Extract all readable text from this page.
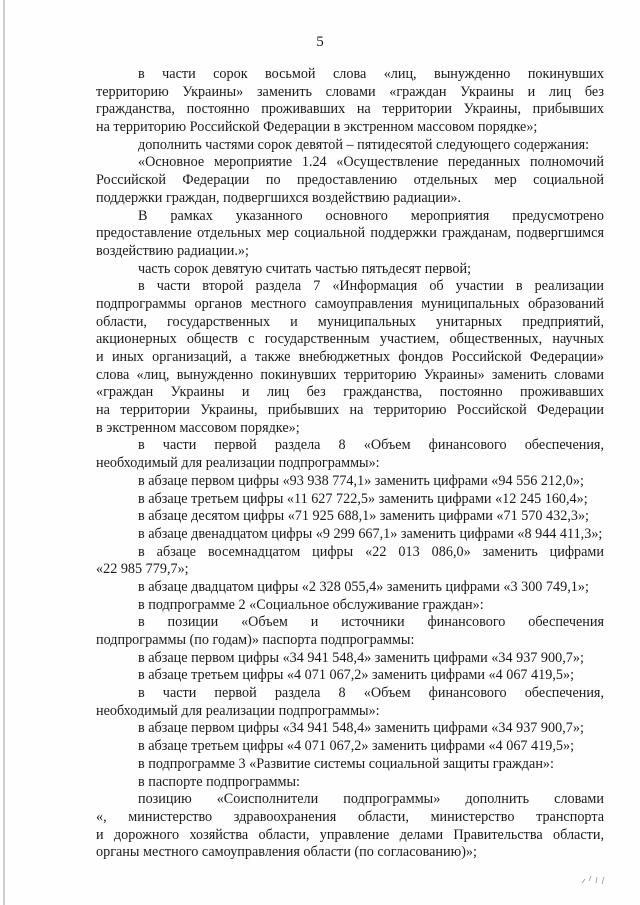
5
в части сорок восьмой слова «лиц, вынужденно покинувших
территорию Украины» заменить словами «граждан Украины и лиц без
гражданства, постоянно проживавших на территории Украины, прибывших
на территорию Российской Федерации в экстренном массовом порядке»;
дополнить частями сорок девятой – пятидесятой следующего содержания:
«Основное мероприятие 1.24 «Осуществление переданных полномочий
Российской Федерации по предоставлению отдельных мер социальной
поддержки граждан, подвергшихся воздействию радиации».
В рамках указанного основного мероприятия предусмотрено
предоставление отдельных мер социальной поддержки гражданам, подвергшимся
воздействию радиации.»;
часть сорок девятую считать частью пятьдесят первой;
в части второй раздела 7 «Информация об участии в реализации
подпрограммы органов местного самоуправления муниципальных образований
области, государственных и муниципальных унитарных предприятий,
акционерных обществ с государственным участием, общественных, научных
и иных организаций, а также внебюджетных фондов Российской Федерации»
слова «лиц, вынужденно покинувших территорию Украины» заменить словами
«граждан Украины и лиц без гражданства, постоянно проживавших
на территории Украины, прибывших на территорию Российской Федерации
в экстренном массовом порядке»;
в части первой раздела 8 «Объем финансового обеспечения,
необходимый для реализации подпрограммы»:
в абзаце первом цифры «93 938 774,1» заменить цифрами «94 556 212,0»;
в абзаце третьем цифры «11 627 722,5» заменить цифрами «12 245 160,4»;
в абзаце десятом цифры «71 925 688,1» заменить цифрами «71 570 432,3»;
в абзаце двенадцатом цифры «9 299 667,1» заменить цифрами «8 944 411,3»;
в абзаце восемнадцатом цифры «22 013 086,0» заменить цифрами
«22 985 779,7»;
в абзаце двадцатом цифры «2 328 055,4» заменить цифрами «3 300 749,1»;
в подпрограмме 2 «Социальное обслуживание граждан»:
в позиции «Объем и источники финансового обеспечения
подпрограммы (по годам)» паспорта подпрограммы:
в абзаце первом цифры «34 941 548,4» заменить цифрами «34 937 900,7»;
в абзаце третьем цифры «4 071 067,2» заменить цифрами «4 067 419,5»;
в части первой раздела 8 «Объем финансового обеспечения,
необходимый для реализации подпрограммы»:
в абзаце первом цифры «34 941 548,4» заменить цифрами «34 937 900,7»;
в абзаце третьем цифры «4 071 067,2» заменить цифрами «4 067 419,5»;
в подпрограмме 3 «Развитие системы социальной защиты граждан»:
в паспорте подпрограммы:
позицию «Соисполнители подпрограммы» дополнить словами
«, министерство здравоохранения области, министерство транспорта
и дорожного хозяйства области, управление делами Правительства области,
органы местного самоуправления области (по согласованию)»;
